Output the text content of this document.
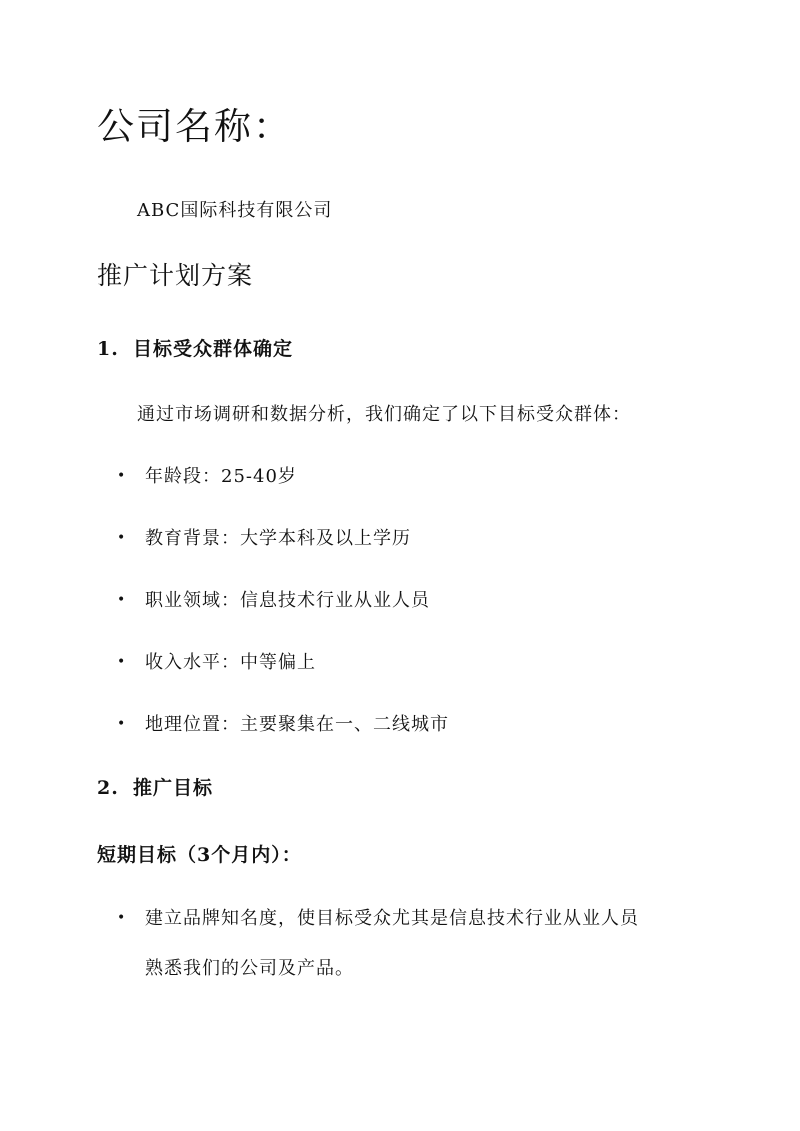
公司名称：
ABC国际科技有限公司
推广计划方案
1. 目标受众群体确定
通过市场调研和数据分析，我们确定了以下目标受众群体：
• 年龄段：25-40岁
• 教育背景：大学本科及以上学历
• 职业领域：信息技术行业从业人员
• 收入水平：中等偏上
• 地理位置：主要聚集在一、二线城市
2. 推广目标
短期目标（3个月内）：
• 建立品牌知名度，使目标受众尤其是信息技术行业从业人员
熟悉我们的公司及产品。
